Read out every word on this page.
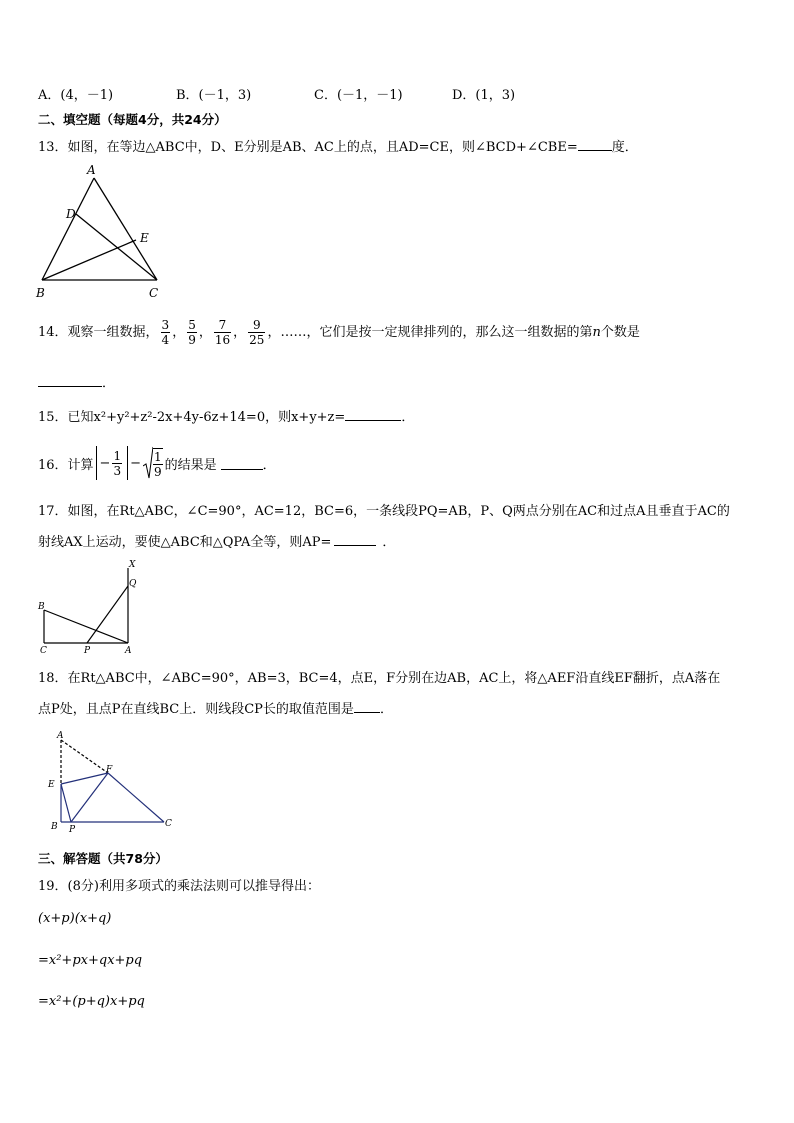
A．(4，－1)	B．(－1，3)	C．(－1，－1)	D．(1，3)
二、填空题（每题4分，共24分）
13．如图，在等边△ABC中，D、E分别是AB、AC上的点，且AD=CE，则∠BCD+∠CBE=	度．
A
D
E
B	C
14．观察一组数据， $\frac{3}{4}$ ， $\frac{5}{9}$ ， $\frac{7}{16}$ ， $\frac{9}{25}$ ，……，它们是按一定规律排列的，那么这一组数据的第n个数是
．
15．已知x²+y²+z²-2x+4y-6z+14=0，则x+y+z=	．
16．计算 − $\frac{1}{3} - \frac{1}{9}$ 的结果是	．
17．如图，在Rt△ABC，∠C=90°，AC=12，BC=6，一条线段PQ=AB，P、Q两点分别在AC和过点A且垂直于AC的
射线AX上运动，要使△ABC和△QPA全等，则AP=	．
X
Q
B
C	P	A
18．在Rt△ABC中，∠ABC=90°，AB=3，BC=4，点E，F分别在边AB，AC上，将△AEF沿直线EF翻折，点A落在
点P处，且点P在直线BC上．则线段CP长的取值范围是 ．
A
E
F
B P
C
三、解答题（共78分）
19．(8分)利用多项式的乘法法则可以推导得出：
(x+p)(x+q)
=x²+px+qx+pq
=x²+(p+q)x+pq
